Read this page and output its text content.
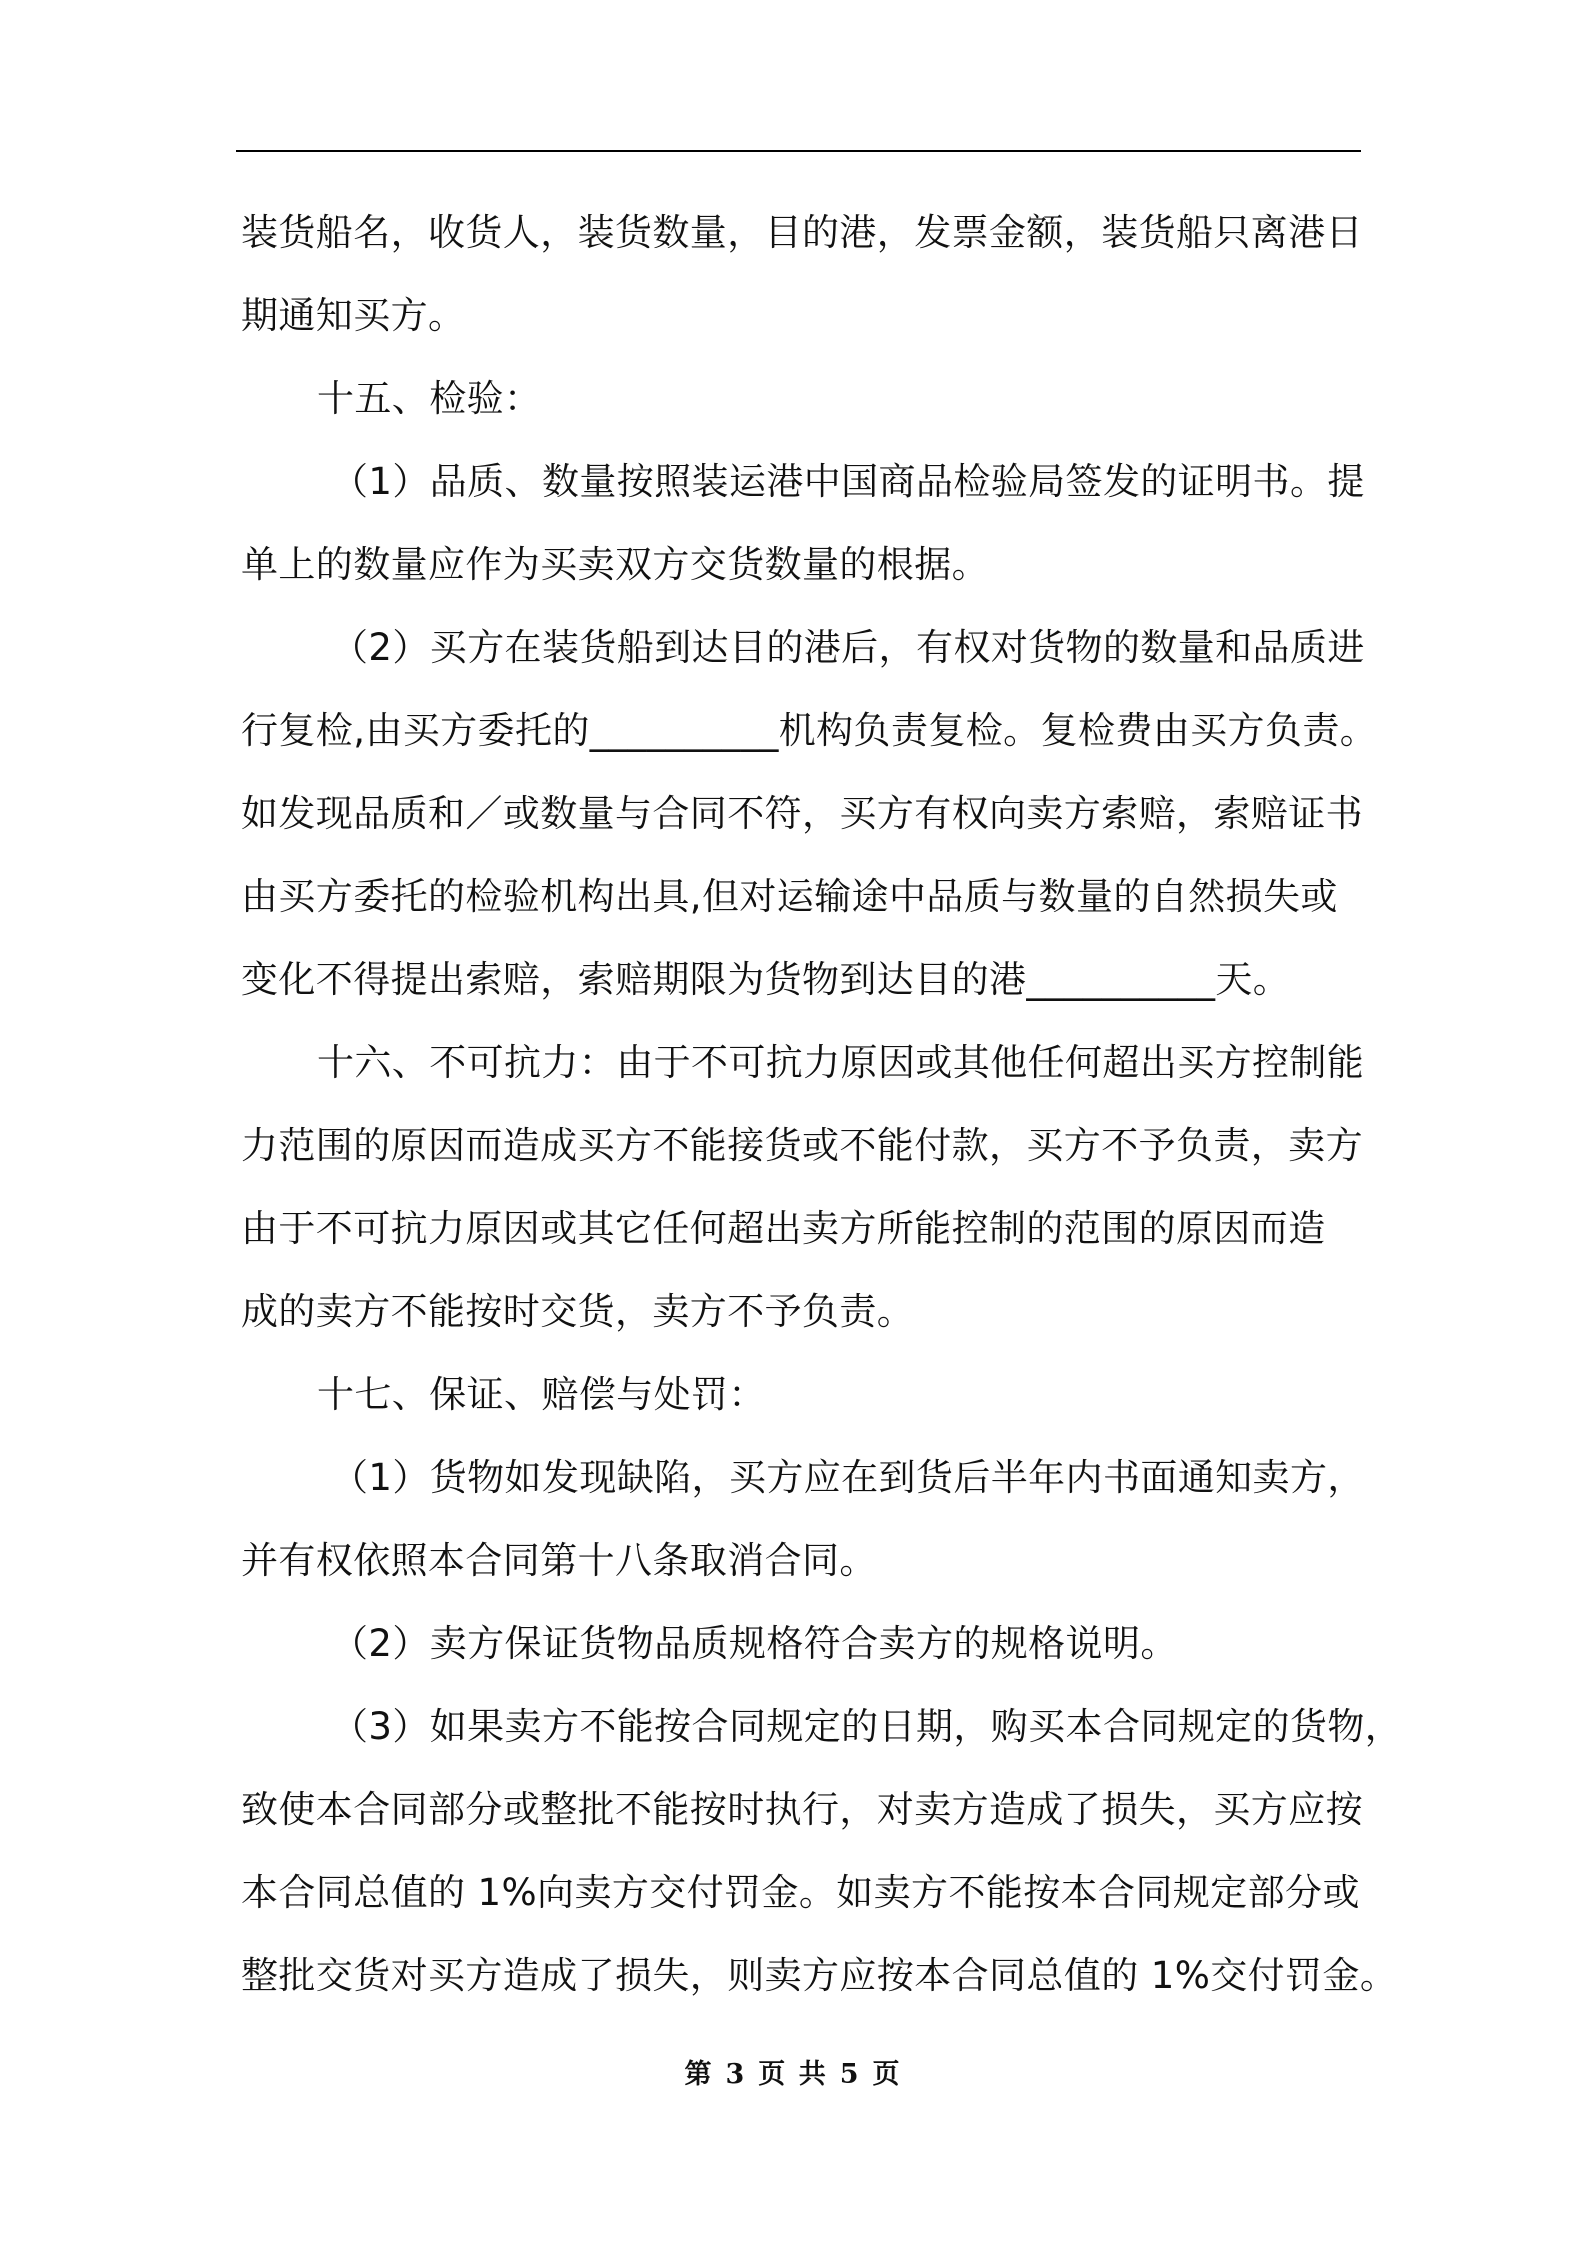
装货船名，收货人，装货数量，目的港，发票金额，装货船只离港日
期通知买方。
十五、检验：
（1）品质、数量按照装运港中国商品检验局签发的证明书。提
单上的数量应作为买卖双方交货数量的根据。
（2）买方在装货船到达目的港后，有权对货物的数量和品质进
行复检,由买方委托的__________机构负责复检。复检费由买方负责。
如发现品质和／或数量与合同不符，买方有权向卖方索赔，索赔证书
由买方委托的检验机构出具,但对运输途中品质与数量的自然损失或
变化不得提出索赔，索赔期限为货物到达目的港__________天。
十六、不可抗力：由于不可抗力原因或其他任何超出买方控制能
力范围的原因而造成买方不能接货或不能付款，买方不予负责，卖方
由于不可抗力原因或其它任何超出卖方所能控制的范围的原因而造
成的卖方不能按时交货，卖方不予负责。
十七、保证、赔偿与处罚：
（1）货物如发现缺陷，买方应在到货后半年内书面通知卖方，
并有权依照本合同第十八条取消合同。
（2）卖方保证货物品质规格符合卖方的规格说明。
（3）如果卖方不能按合同规定的日期，购买本合同规定的货物，
致使本合同部分或整批不能按时执行，对卖方造成了损失，买方应按
本合同总值的 1%向卖方交付罚金。如卖方不能按本合同规定部分或
整批交货对买方造成了损失，则卖方应按本合同总值的 1%交付罚金。
第 3 页 共 5 页
